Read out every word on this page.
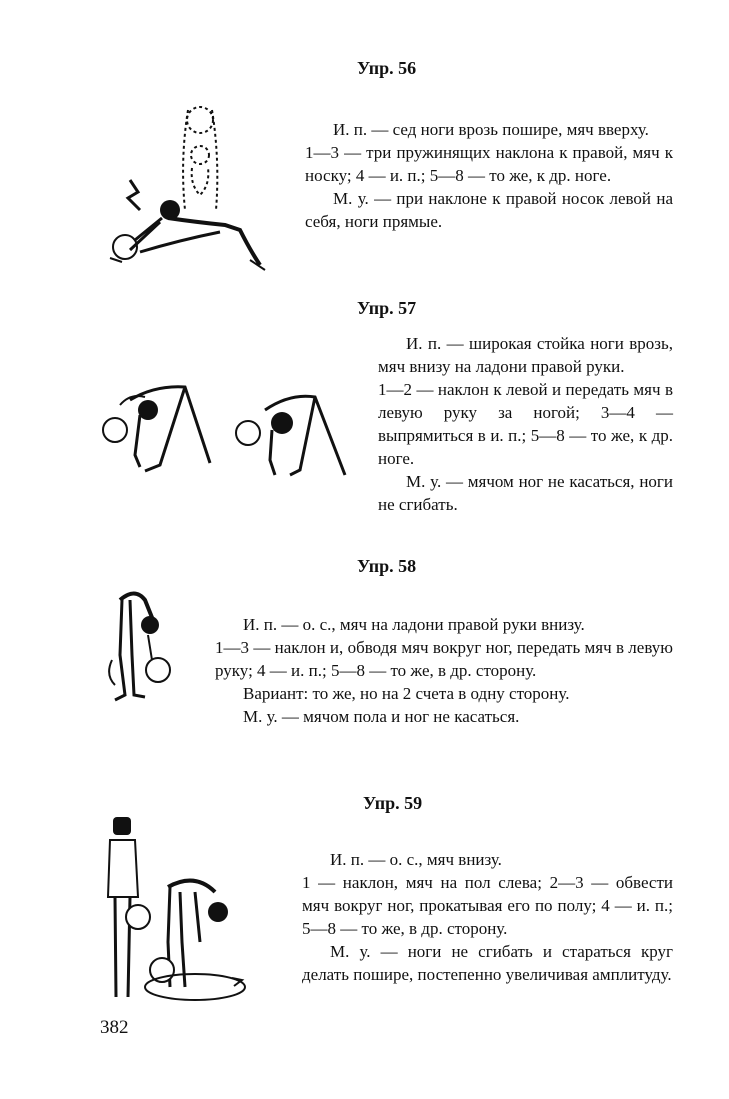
Упр. 56

И. п. — сед ноги врозь пошире, мяч вверху.

1—3 — три пружинящих наклона к правой, мяч к носку; 4 — и. п.; 5—8 — то же, к др. ноге.

М. у. — при наклоне к правой носок левой на себя, ноги прямые.

Упр. 57

И. п. — широкая стойка ноги врозь, мяч внизу на ладони правой руки.

1—2 — наклон к левой и передать мяч в левую руку за ногой; 3—4 — выпрямиться в и. п.; 5—8 — то же, к др. ноге.

М. у. — мячом ног не касаться, ноги не сгибать.

Упр. 58

И. п. — о. с., мяч на ладони правой руки внизу.

1—3 — наклон и, обводя мяч вокруг ног, передать мяч в левую руку; 4 — и. п.; 5—8 — то же, в др. сторону.

Вариант: то же, но на 2 счета в одну сторону.

М. у. — мячом пола и ног не касаться.

Упр. 59

И. п. — о. с., мяч внизу.

1 — наклон, мяч на пол слева; 2—3 — обвести мяч вокруг ног, прокатывая его по полу; 4 — и. п.; 5—8 — то же, в др. сторону.

М. у. — ноги не сгибать и стараться круг делать пошире, постепенно увеличивая амплитуду.

382
